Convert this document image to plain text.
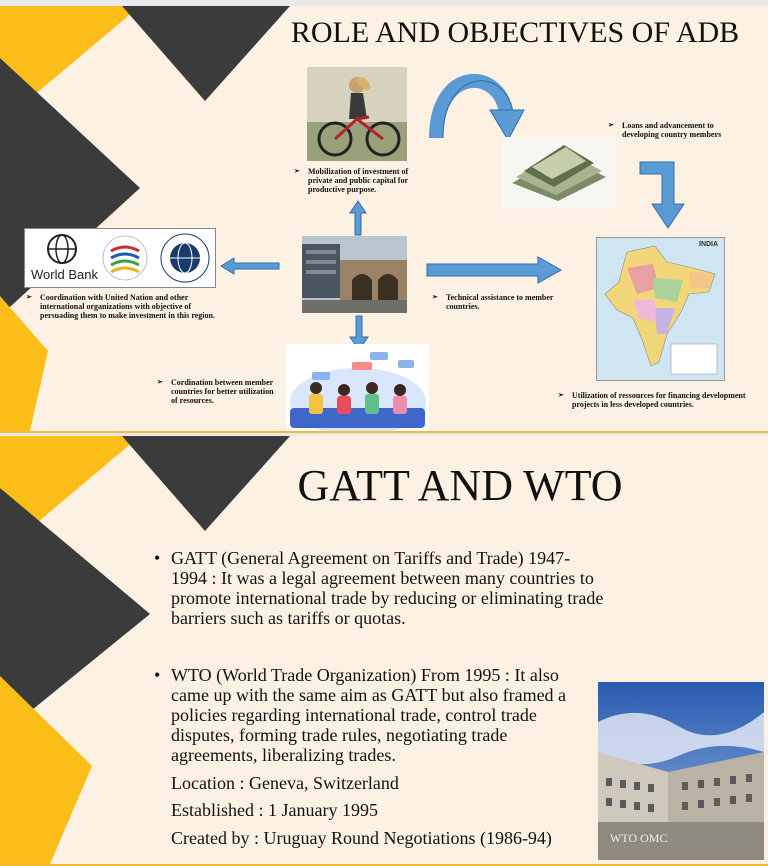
ROLE AND OBJECTIVES OF ADB
➢ Mobilization of investment of private and public capital for productive purpose.
➢ Loans and advancement to developing country members
INDIA
World Bank
➢ Coordination with United Nation and other international organizations with objective of persuading them to make investment in this region.
➢ Technical assistance to member countries.
➢ Cordination between member countries for better utilization of resources.
➢ Utilization of ressources for financing development projects in less developed countries.
GATT AND WTO
• GATT (General Agreement on Tariffs and Trade) 1947-1994 : It was a legal agreement between many countries to promote international trade by reducing or eliminating trade barriers such as tariffs or quotas.
• WTO (World Trade Organization) From 1995 : It also came up with the same aim as GATT but also framed a policies regarding international trade, control trade disputes, forming trade rules, negotiating trade agreements, liberalizing trades.
Location : Geneva, Switzerland
Established : 1 January 1995
Created by : Uruguay Round Negotiations (1986-94)	WTO OMC
